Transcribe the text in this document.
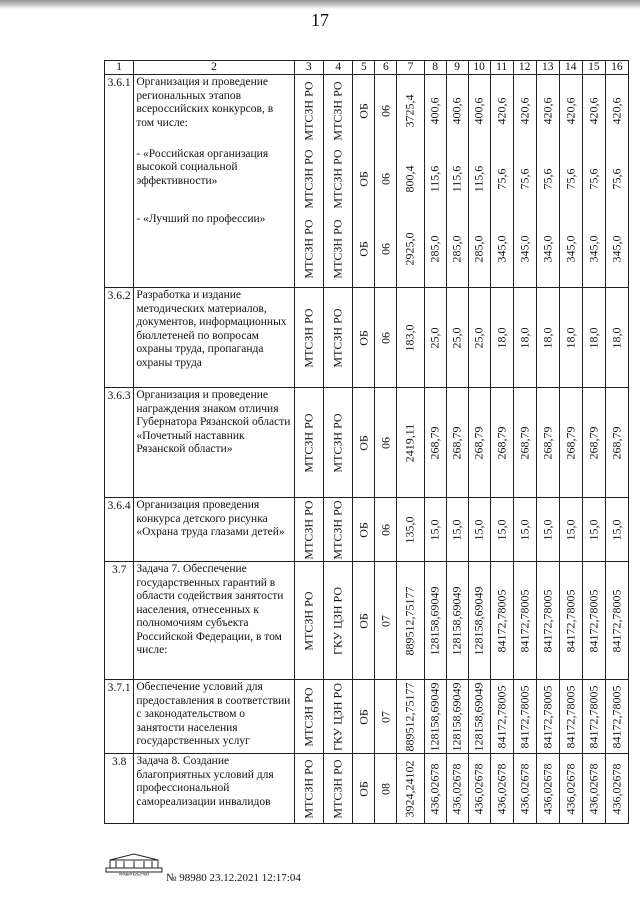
17
1	2	3	4	5	6	7	8	9	10	11	12	13	14	15	16
3.6.1	Организация и проведение региональных этапов всероссийских конкурсов, в том числе:	МТСЗН РО	МТСЗН РО	ОБ	06	3725,4	400,6	400,6	400,6	420,6	420,6	420,6	420,6	420,6	420,6

	- «Российская организация высокой социальной эффективности»	МТСЗН РО	МТСЗН РО	ОБ	06	800,4	115,6	115,6	115,6	75,6	75,6	75,6	75,6	75,6	75,6

	- «Лучший по профессии»	МТСЗН РО	МТСЗН РО	ОБ	06	2925,0	285,0	285,0	285,0	345,0	345,0	345,0	345,0	345,0	345,0

3.6.2	Разработка и издание методических материалов, документов, информационных бюллетеней по вопросам охраны труда, пропаганда охраны труда	МТСЗН РО	МТСЗН РО	ОБ	06	183,0	25,0	25,0	25,0	18,0	18,0	18,0	18,0	18,0	18,0

3.6.3	Организация и проведение награждения знаком отличия Губернатора Рязанской области «Почетный наставник Рязанской области»	МТСЗН РО	МТСЗН РО	ОБ	06	2419,11	268,79	268,79	268,79	268,79	268,79	268,79	268,79	268,79	268,79

3.6.4	Организация проведения конкурса детского рисунка «Охрана труда глазами детей»	МТСЗН РО	МТСЗН РО	ОБ	06	135,0	15,0	15,0	15,0	15,0	15,0	15,0	15,0	15,0	15,0

3.7	Задача 7. Обеспечение государственных гарантий в области содействия занятости населения, отнесенных к полномочиям субъекта Российской Федерации, в том числе:	МТСЗН РО	ГКУ ЦЗН РО	ОБ	07	889512,75177	128158,69049	128158,69049	128158,69049	84172,78005	84172,78005	84172,78005	84172,78005	84172,78005	84172,78005

3.7.1	Обеспечение условий для предоставления в соответствии с законодательством о занятости населения государственных услуг	МТСЗН РО	ГКУ ЦЗН РО	ОБ	07	889512,75177	128158,69049	128158,69049	128158,69049	84172,78005	84172,78005	84172,78005	84172,78005	84172,78005	84172,78005

3.8	Задача 8. Создание благоприятных условий для профессиональной самореализации инвалидов	МТСЗН РО	МТСЗН РО	ОБ	08	3924,24102	436,02678	436,02678	436,02678	436,02678	436,02678	436,02678	436,02678	436,02678	436,02678
ПРАВИТЕЛЬСТВО № 98980 23.12.2021 12:17:04
